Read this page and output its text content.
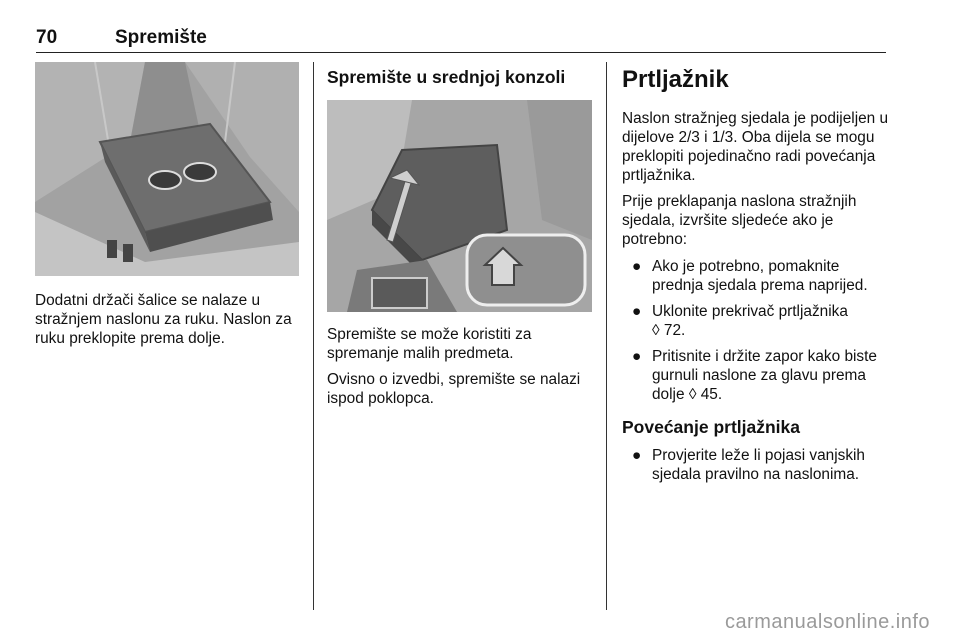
70	Spremište

Dodatni držači šalice se nalaze u stražnjem naslonu za ruku. Naslon za ruku preklopite prema dolje.

Spremište u srednjoj konzoli

Spremište se može koristiti za spremanje malih predmeta.

Ovisno o izvedbi, spremište se nalazi ispod poklopca.

Prtljažnik

Naslon stražnjeg sjedala je podijeljen u dijelove 2/3 i 1/3. Oba dijela se mogu preklopiti pojedinačno radi povećanja prtljažnika.

Prije preklapanja naslona stražnjih sjedala, izvršite sljedeće ako je potrebno:

● Ako je potrebno, pomaknite prednja sjedala prema naprijed.
● Uklonite prekrivač prtljažnika
◊ 72.
● Pritisnite i držite zapor kako biste gurnuli naslone za glavu prema dolje ◊ 45.
Povećanje prtljažnika
● Provjerite leže li pojasi vanjskih sjedala pravilno na naslonima.
carmanualsonline.info
